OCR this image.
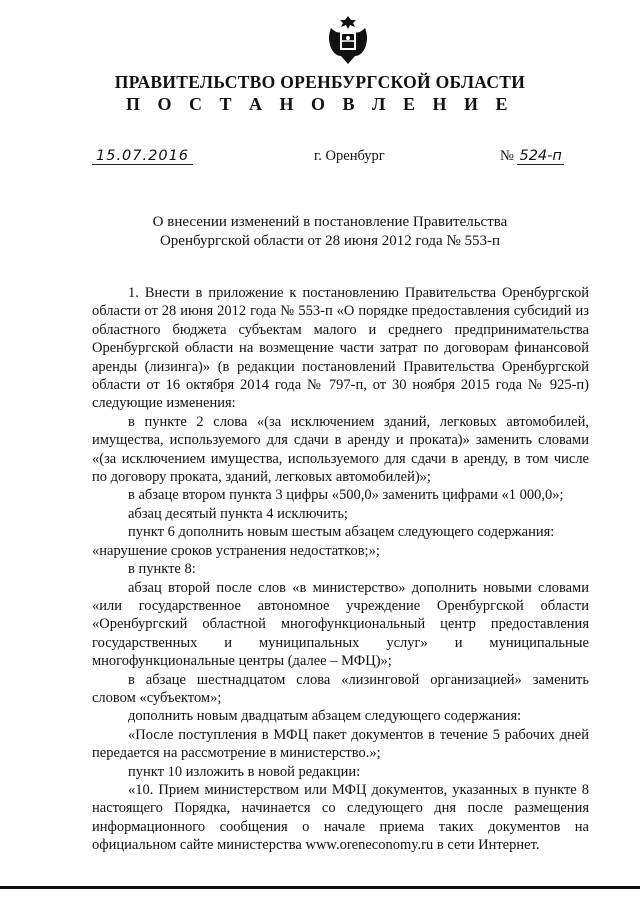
ПРАВИТЕЛЬСТВО ОРЕНБУРГСКОЙ ОБЛАСТИ
П О С Т А Н О В Л Е Н И Е
15.07.2016	г. Оренбург	№ 524-п
О внесении изменений в постановление Правительства
Оренбургской области от 28 июня 2012 года № 553-п

1. Внести в приложение к постановлению Правительства Оренбургской области от 28 июня 2012 года № 553-п «О порядке предоставления субсидий из областного бюджета субъектам малого и среднего предпринимательства Оренбургской области на возмещение части затрат по договорам финансовой аренды (лизинга)» (в редакции постановлений Правительства Оренбургской области от 16 октября 2014 года № 797-п, от 30 ноября 2015 года № 925-п) следующие изменения:

в пункте 2 слова «(за исключением зданий, легковых автомобилей, имущества, используемого для сдачи в аренду и проката)» заменить словами «(за исключением имущества, используемого для сдачи в аренду, в том числе по договору проката, зданий, легковых автомобилей)»;

в абзаце втором пункта 3 цифры «500,0» заменить цифрами «1 000,0»;

абзац десятый пункта 4 исключить;

пункт 6 дополнить новым шестым абзацем следующего содержания:

«нарушение сроков устранения недостатков;»;

в пункте 8:

абзац второй после слов «в министерство» дополнить новыми словами «или государственное автономное учреждение Оренбургской области «Оренбургский областной многофункциональный центр предоставления государственных и муниципальных услуг» и муниципальные многофункциональные центры (далее – МФЦ)»;

в абзаце шестнадцатом слова «лизинговой организацией» заменить словом «субъектом»;

дополнить новым двадцатым абзацем следующего содержания:

«После поступления в МФЦ пакет документов в течение 5 рабочих дней передается на рассмотрение в министерство.»;

пункт 10 изложить в новой редакции:

«10. Прием министерством или МФЦ документов, указанных в пункте 8 настоящего Порядка, начинается со следующего дня после размещения информационного сообщения о начале приема таких документов на официальном сайте министерства www.oreneconomy.ru в сети Интернет.
